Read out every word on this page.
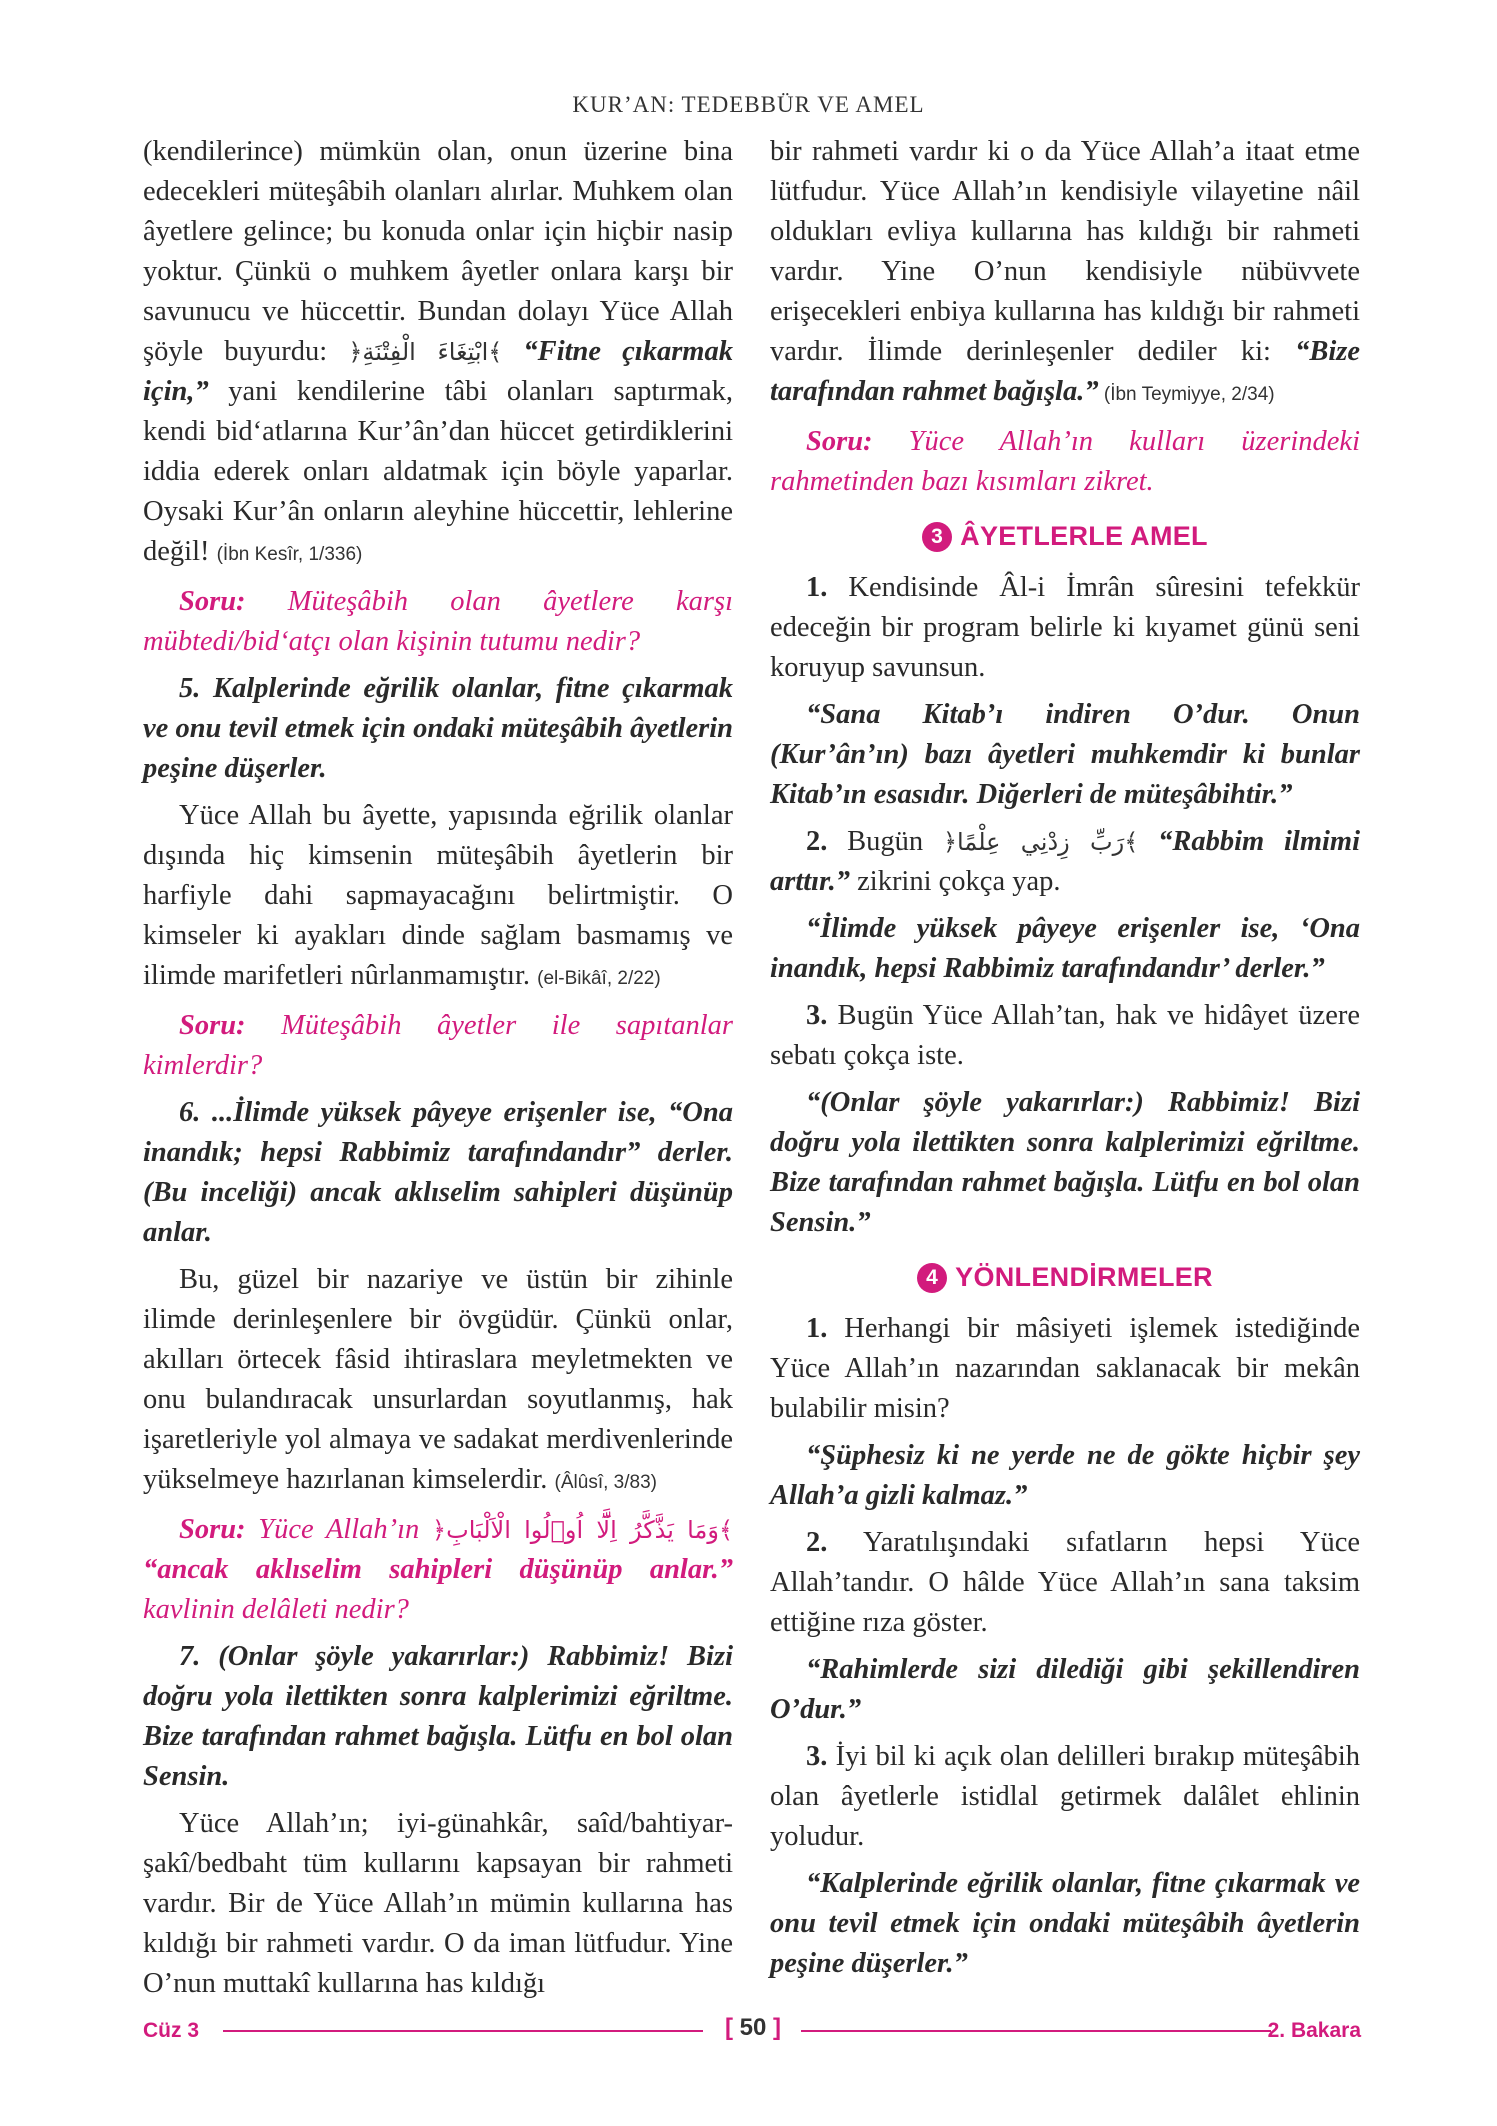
KUR’AN: TEDEBBÜR VE AMEL

(kendilerince) mümkün olan, onun üzerine bina edecekleri müteşâbih olanları alırlar. Muhkem olan âyetlere gelince; bu konuda onlar için hiçbir nasip yoktur. Çünkü o muhkem âyetler onlara karşı bir savunucu ve hüccettir. Bundan dolayı Yüce Allah şöyle buyurdu: ﴿ابْتِغَاءَ الْفِتْنَةِ﴾ “Fitne çıkarmak için,” yani kendilerine tâbi olanları saptırmak, kendi bid‘atlarına Kur’ân’dan hüccet getirdiklerini iddia ederek onları aldatmak için böyle yaparlar. Oysaki Kur’ân onların aleyhine hüccettir, lehlerine değil! (İbn Kesîr, 1/336)

Soru: Müteşâbih olan âyetlere karşı mübtedi/bid‘atçı olan kişinin tutumu nedir?

5. Kalplerinde eğrilik olanlar, fitne çıkarmak ve onu tevil etmek için ondaki müteşâbih âyetlerin peşine düşerler.

Yüce Allah bu âyette, yapısında eğrilik olanlar dışında hiç kimsenin müteşâbih âyetlerin bir harfiyle dahi sapmayacağını belirtmiştir. O kimseler ki ayakları dinde sağlam basmamış ve ilimde marifetleri nûrlanmamıştır. (el-Bikâî, 2/22)

Soru: Müteşâbih âyetler ile sapıtanlar kimlerdir?

6. ...İlimde yüksek pâyeye erişenler ise, “Ona inandık; hepsi Rabbimiz tarafındandır” derler. (Bu inceliği) ancak aklıselim sahipleri düşünüp anlar.

Bu, güzel bir nazariye ve üstün bir zihinle ilimde derinleşenlere bir övgüdür. Çünkü onlar, akılları örtecek fâsid ihtiraslara meyletmekten ve onu bulandıracak unsurlardan soyutlanmış, hak işaretleriyle yol almaya ve sadakat merdivenlerinde yükselmeye hazırlanan kimselerdir. (Âlûsî, 3/83)

Soru: Yüce Allah’ın ﴿وَمَا يَذَّكَّرُ اِلَّٓا اُو۬لُوا الْاَلْبَابِ﴾ “ancak aklıselim sahipleri düşünüp anlar.” kavlinin delâleti nedir?

7. (Onlar şöyle yakarırlar:) Rabbimiz! Bizi doğru yola ilettikten sonra kalplerimizi eğriltme. Bize tarafından rahmet bağışla. Lütfu en bol olan Sensin.

Yüce Allah’ın; iyi-günahkâr, saîd/bahtiyar-şakî/bedbaht tüm kullarını kapsayan bir rahmeti vardır. Bir de Yüce Allah’ın mümin kullarına has kıldığı bir rahmeti vardır. O da iman lütfudur. Yine O’nun muttakî kullarına has kıldığı

bir rahmeti vardır ki o da Yüce Allah’a itaat etme lütfudur. Yüce Allah’ın kendisiyle vilayetine nâil oldukları evliya kullarına has kıldığı bir rahmeti vardır. Yine O’nun kendisiyle nübüvvete erişecekleri enbiya kullarına has kıldığı bir rahmeti vardır. İlimde derinleşenler dediler ki: “Bize tarafından rahmet bağışla.” (İbn Teymiyye, 2/34)

Soru: Yüce Allah’ın kulları üzerindeki rahmetinden bazı kısımları zikret.

3 ÂYETLERLE AMEL

1. Kendisinde Âl-i İmrân sûresini tefekkür edeceğin bir program belirle ki kıyamet günü seni koruyup savunsun.

“Sana Kitab’ı indiren O’dur. Onun (Kur’ân’ın) bazı âyetleri muhkemdir ki bunlar Kitab’ın esasıdır. Diğerleri de müteşâbihtir.”

2. Bugün ﴿رَبِّ زِدْنِي عِلْمًا﴾ “Rabbim ilmimi arttır.” zikrini çokça yap.

“İlimde yüksek pâyeye erişenler ise, ‘Ona inandık, hepsi Rabbimiz tarafındandır’ derler.”

3. Bugün Yüce Allah’tan, hak ve hidâyet üzere sebatı çokça iste.

“(Onlar şöyle yakarırlar:) Rabbimiz! Bizi doğru yola ilettikten sonra kalplerimizi eğriltme. Bize tarafından rahmet bağışla. Lütfu en bol olan Sensin.”

4 YÖNLENDİRMELER

1. Herhangi bir mâsiyeti işlemek istediğinde Yüce Allah’ın nazarından saklanacak bir mekân bulabilir misin?

“Şüphesiz ki ne yerde ne de gökte hiçbir şey Allah’a gizli kalmaz.”

2. Yaratılışındaki sıfatların hepsi Yüce Allah’tandır. O hâlde Yüce Allah’ın sana taksim ettiğine rıza göster.

“Rahimlerde sizi dilediği gibi şekillendiren O’dur.”

3. İyi bil ki açık olan delilleri bırakıp müteşâbih olan âyetlerle istidlal getirmek dalâlet ehlinin yoludur.

“Kalplerinde eğrilik olanlar, fitne çıkarmak ve onu tevil etmek için ondaki müteşâbih âyetlerin peşine düşerler.”

Cüz 3	[ 50 ]	2. Bakara
